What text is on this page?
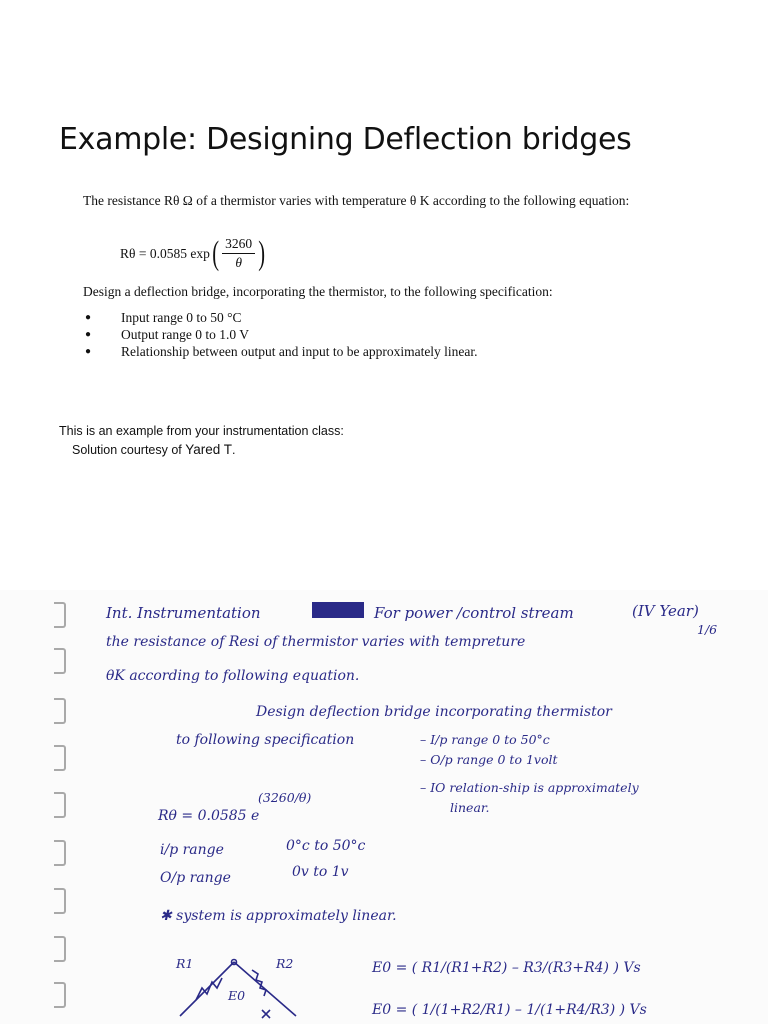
Example: Designing Deflection bridges
The resistance Rθ Ω of a thermistor varies with temperature θ K according to the following equation:
Rθ = 0.0585 exp ( $\frac{3260}{\theta}$ )
Design a deflection bridge, incorporating the thermistor, to the following specification:
● Input range 0 to 50 °C
● Output range 0 to 1.0 V
● Relationship between output and input to be approximately linear.
This is an example from your instrumentation class:
Solution courtesy of Yared T.
Int. Instrumentation	For power /control stream	(IV Year)
1/6
the resistance of Resi of thermistor varies with tempreture
θK according to following equation.
Design deflection bridge incorporating thermistor
to following specification	– I/p range 0 to 50°c
– O/p range 0 to 1volt
– IO relation-ship is approximately
linear.
Rθ = 0.0585 e
(3260/θ)
i/p range	0°c to 50°c
O/p range	0v to 1v
✱ system is approximately linear.
R1	R2
E0
E0 = ( R1/(R1+R2) – R3/(R3+R4) ) Vs
E0 = ( 1/(1+R2/R1) – 1/(1+R4/R3) ) Vs
